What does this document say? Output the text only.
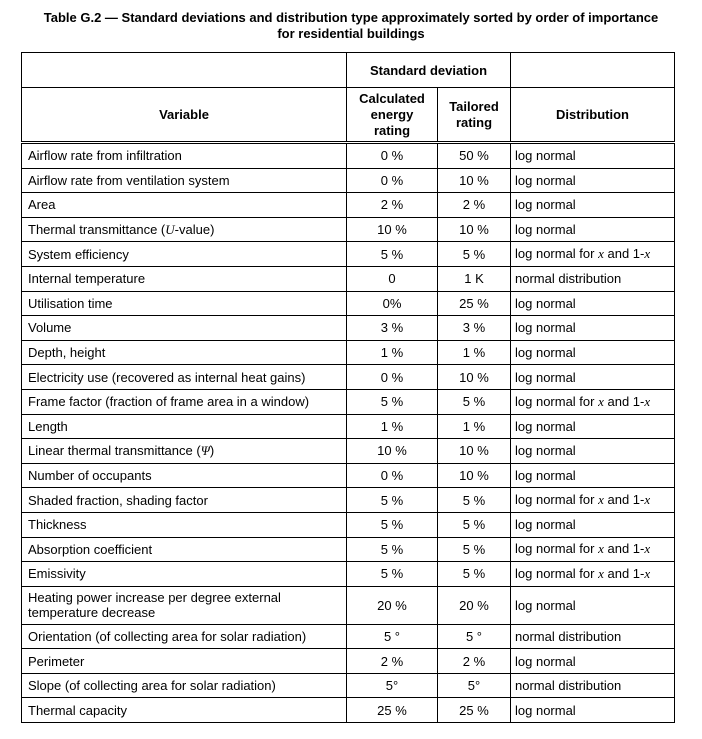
Table G.2 — Standard deviations and distribution type approximately sorted by order of importance
for residential buildings
	Standard deviation		
Variable	Calculated energy rating	Tailored rating	Distribution
Airflow rate from infiltration	0 %	50 %	log normal
Airflow rate from ventilation system	0 %	10 %	log normal
Area	2 %	2 %	log normal
Thermal transmittance (U-value)	10 %	10 %	log normal
System efficiency	5 %	5 %	log normal for x and 1-x
Internal temperature	0	1 K	normal distribution
Utilisation time	0%	25 %	log normal
Volume	3 %	3 %	log normal
Depth, height	1 %	1 %	log normal
Electricity use (recovered as internal heat gains)	0 %	10 %	log normal
Frame factor (fraction of frame area in a window)	5 %	5 %	log normal for x and 1-x
Length	1 %	1 %	log normal
Linear thermal transmittance (Ψ)	10 %	10 %	log normal
Number of occupants	0 %	10 %	log normal
Shaded fraction, shading factor	5 %	5 %	log normal for x and 1-x
Thickness	5 %	5 %	log normal
Absorption coefficient	5 %	5 %	log normal for x and 1-x
Emissivity	5 %	5 %	log normal for x and 1-x

Heating power increase per degree external
temperature decrease	20 %	20 %	log normal
Orientation (of collecting area for solar radiation)	5 °	5 °	normal distribution
Perimeter	2 %	2 %	log normal
Slope (of collecting area for solar radiation)	5°	5°	normal distribution
Thermal capacity	25 %	25 %	log normal
